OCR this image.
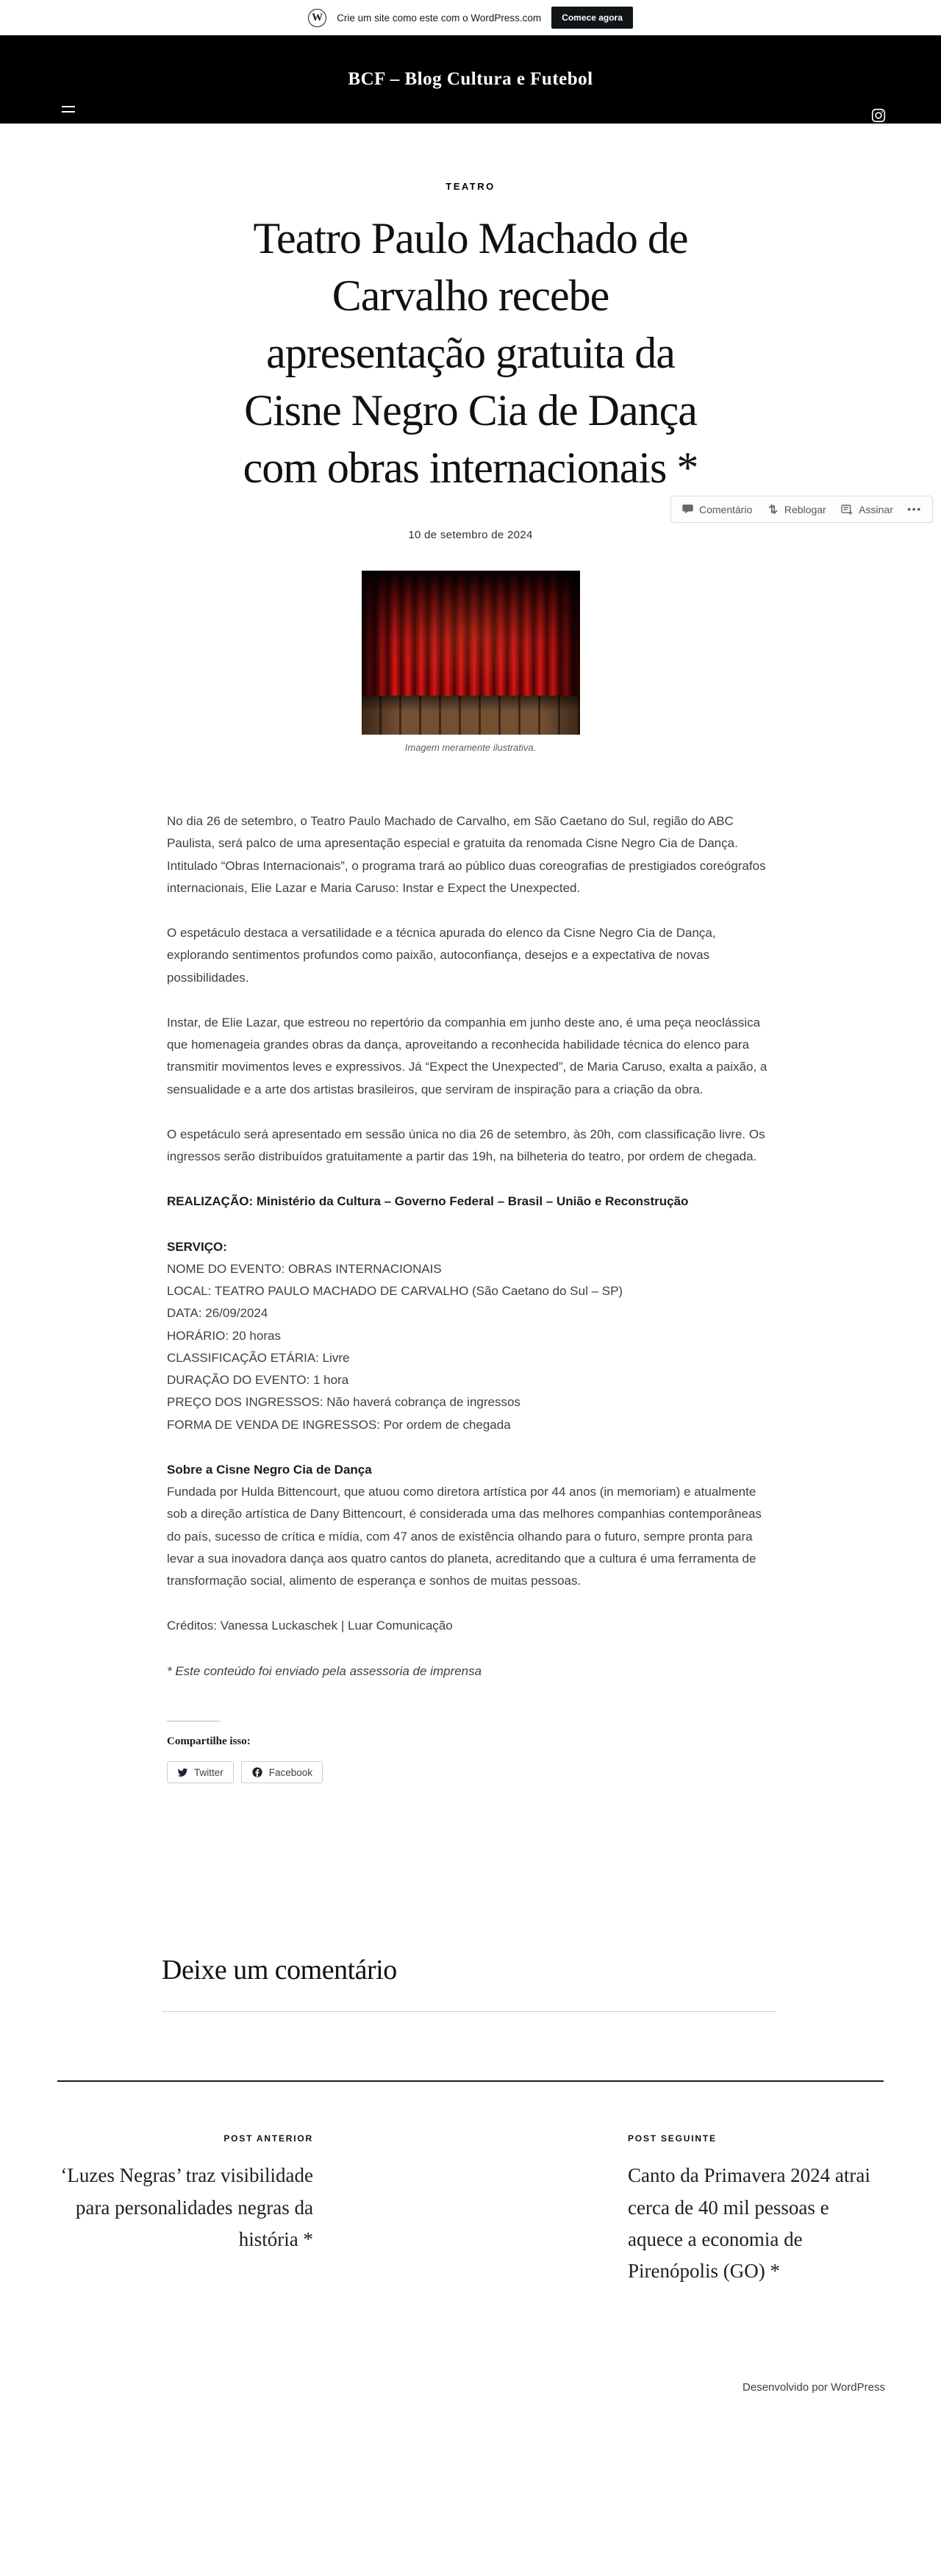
W	Crie um site como este com o WordPress.com	Comece agora
BCF – Blog Cultura e Futebol
Comentário	Reblogar	Assinar •••
TEATRO
Teatro Paulo Machado de Carvalho recebe apresentação gratuita da Cisne Negro Cia de Dança com obras internacionais *
10 de setembro de 2024
Imagem meramente ilustrativa.

No dia 26 de setembro, o Teatro Paulo Machado de Carvalho, em São Caetano do Sul, região do ABC Paulista, será palco de uma apresentação especial e gratuita da renomada Cisne Negro Cia de Dança. Intitulado “Obras Internacionais”, o programa trará ao público duas coreografias de prestigiados coreógrafos internacionais, Elie Lazar e Maria Caruso: Instar e Expect the Unexpected.

O espetáculo destaca a versatilidade e a técnica apurada do elenco da Cisne Negro Cia de Dança, explorando sentimentos profundos como paixão, autoconfiança, desejos e a expectativa de novas possibilidades.

Instar, de Elie Lazar, que estreou no repertório da companhia em junho deste ano, é uma peça neoclássica que homenageia grandes obras da dança, aproveitando a reconhecida habilidade técnica do elenco para transmitir movimentos leves e expressivos. Já “Expect the Unexpected”, de Maria Caruso, exalta a paixão, a sensualidade e a arte dos artistas brasileiros, que serviram de inspiração para a criação da obra.

O espetáculo será apresentado em sessão única no dia 26 de setembro, às 20h, com classificação livre. Os ingressos serão distribuídos gratuitamente a partir das 19h, na bilheteria do teatro, por ordem de chegada.

REALIZAÇÃO: Ministério da Cultura – Governo Federal – Brasil – União e Reconstrução

SERVIÇO:
NOME DO EVENTO: OBRAS INTERNACIONAIS
LOCAL: TEATRO PAULO MACHADO DE CARVALHO (São Caetano do Sul – SP)
DATA: 26/09/2024
HORÁRIO: 20 horas
CLASSIFICAÇÃO ETÁRIA: Livre
DURAÇÃO DO EVENTO: 1 hora
PREÇO DOS INGRESSOS: Não haverá cobrança de ingressos
FORMA DE VENDA DE INGRESSOS: Por ordem de chegada
Sobre a Cisne Negro Cia de Dança
Fundada por Hulda Bittencourt, que atuou como diretora artística por 44 anos (in memoriam) e atualmente sob a direção artística de Dany Bittencourt, é considerada uma das melhores companhias contemporâneas do país, sucesso de crítica e mídia, com 47 anos de existência olhando para o futuro, sempre pronta para levar a sua inovadora dança aos quatro cantos do planeta, acreditando que a cultura é uma ferramenta de transformação social, alimento de esperança e sonhos de muitas pessoas.

Créditos: Vanessa Luckaschek | Luar Comunicação

* Este conteúdo foi enviado pela assessoria de imprensa

Compartilhe isso:
Twitter	Facebook
Deixe um comentário
POST ANTERIOR
‘Luzes Negras’ traz visibilidade para personalidades negras da história *
POST SEGUINTE
Canto da Primavera 2024 atrai cerca de 40 mil pessoas e aquece a economia de Pirenópolis (GO) *
Desenvolvido por WordPress
